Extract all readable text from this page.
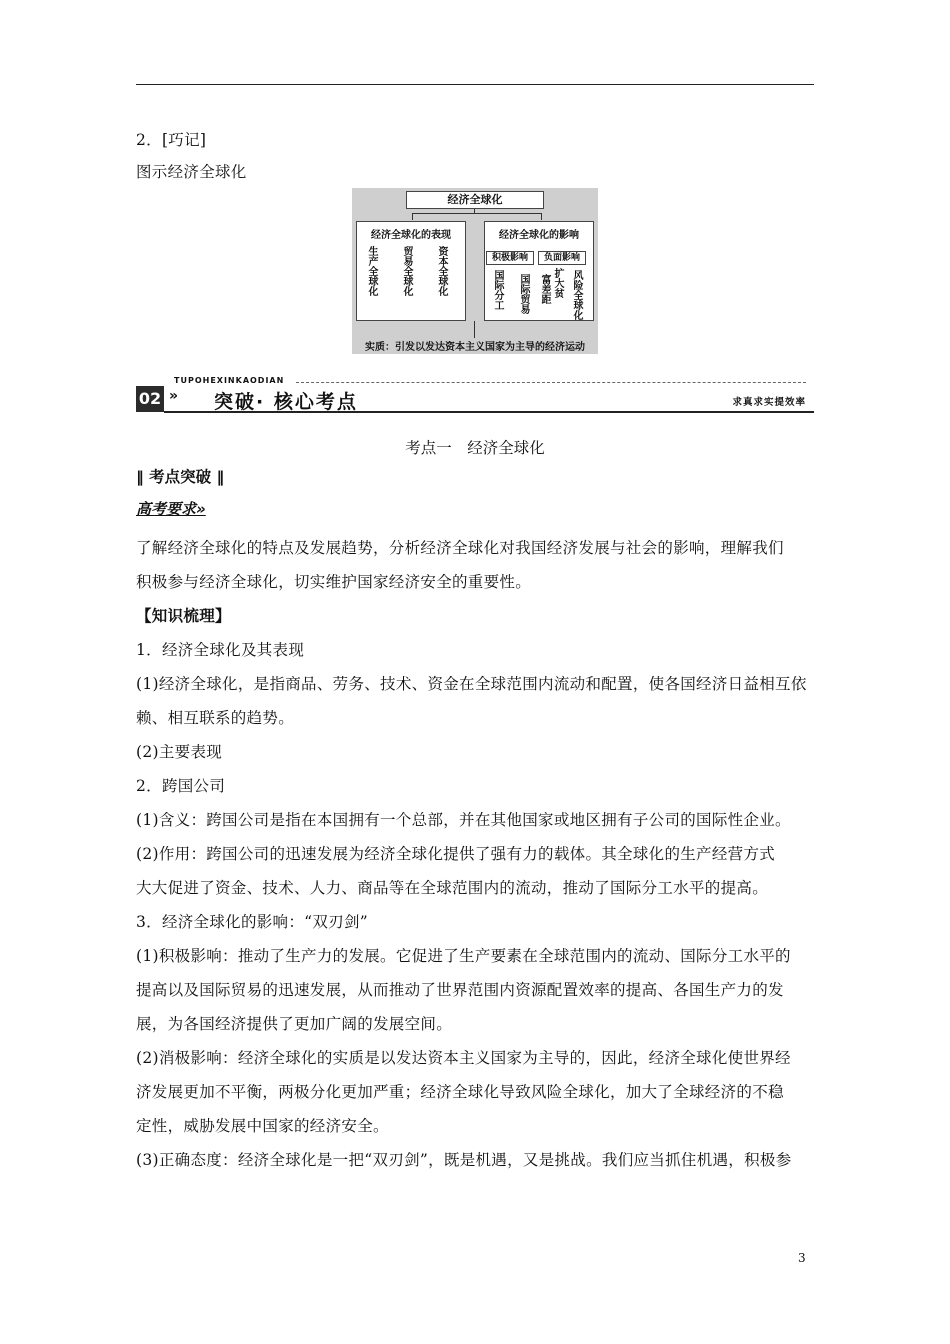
2．[巧记]
图示经济全球化
经济全球化
经济全球化的表现
生产全球化 贸易全球化 资本全球化
经济全球化的影响
积极影响	负面影响
国际分工 国际贸易 富差距 扩大贫 风险全球化
实质：引发以发达资本主义国家为主导的经济运动
02
TUPOHEXINKAODIAN
» 突破· 核心考点	求真求实提效率
考点一　经济全球化
‖ 考点突破 ‖
高考要求»
了解经济全球化的特点及发展趋势，分析经济全球化对我国经济发展与社会的影响，理解我们
积极参与经济全球化，切实维护国家经济安全的重要性。
【知识梳理】
1．经济全球化及其表现
(1)经济全球化，是指商品、劳务、技术、资金在全球范围内流动和配置，使各国经济日益相互依
赖、相互联系的趋势。
(2)主要表现
2．跨国公司
(1)含义：跨国公司是指在本国拥有一个总部，并在其他国家或地区拥有子公司的国际性企业。
(2)作用：跨国公司的迅速发展为经济全球化提供了强有力的载体。其全球化的生产经营方式
大大促进了资金、技术、人力、商品等在全球范围内的流动，推动了国际分工水平的提高。
3．经济全球化的影响：“双刃剑”
(1)积极影响：推动了生产力的发展。它促进了生产要素在全球范围内的流动、国际分工水平的
提高以及国际贸易的迅速发展，从而推动了世界范围内资源配置效率的提高、各国生产力的发
展，为各国经济提供了更加广阔的发展空间。
(2)消极影响：经济全球化的实质是以发达资本主义国家为主导的，因此，经济全球化使世界经
济发展更加不平衡，两极分化更加严重；经济全球化导致风险全球化，加大了全球经济的不稳
定性，威胁发展中国家的经济安全。
(3)正确态度：经济全球化是一把“双刃剑”，既是机遇，又是挑战。我们应当抓住机遇，积极参
3
